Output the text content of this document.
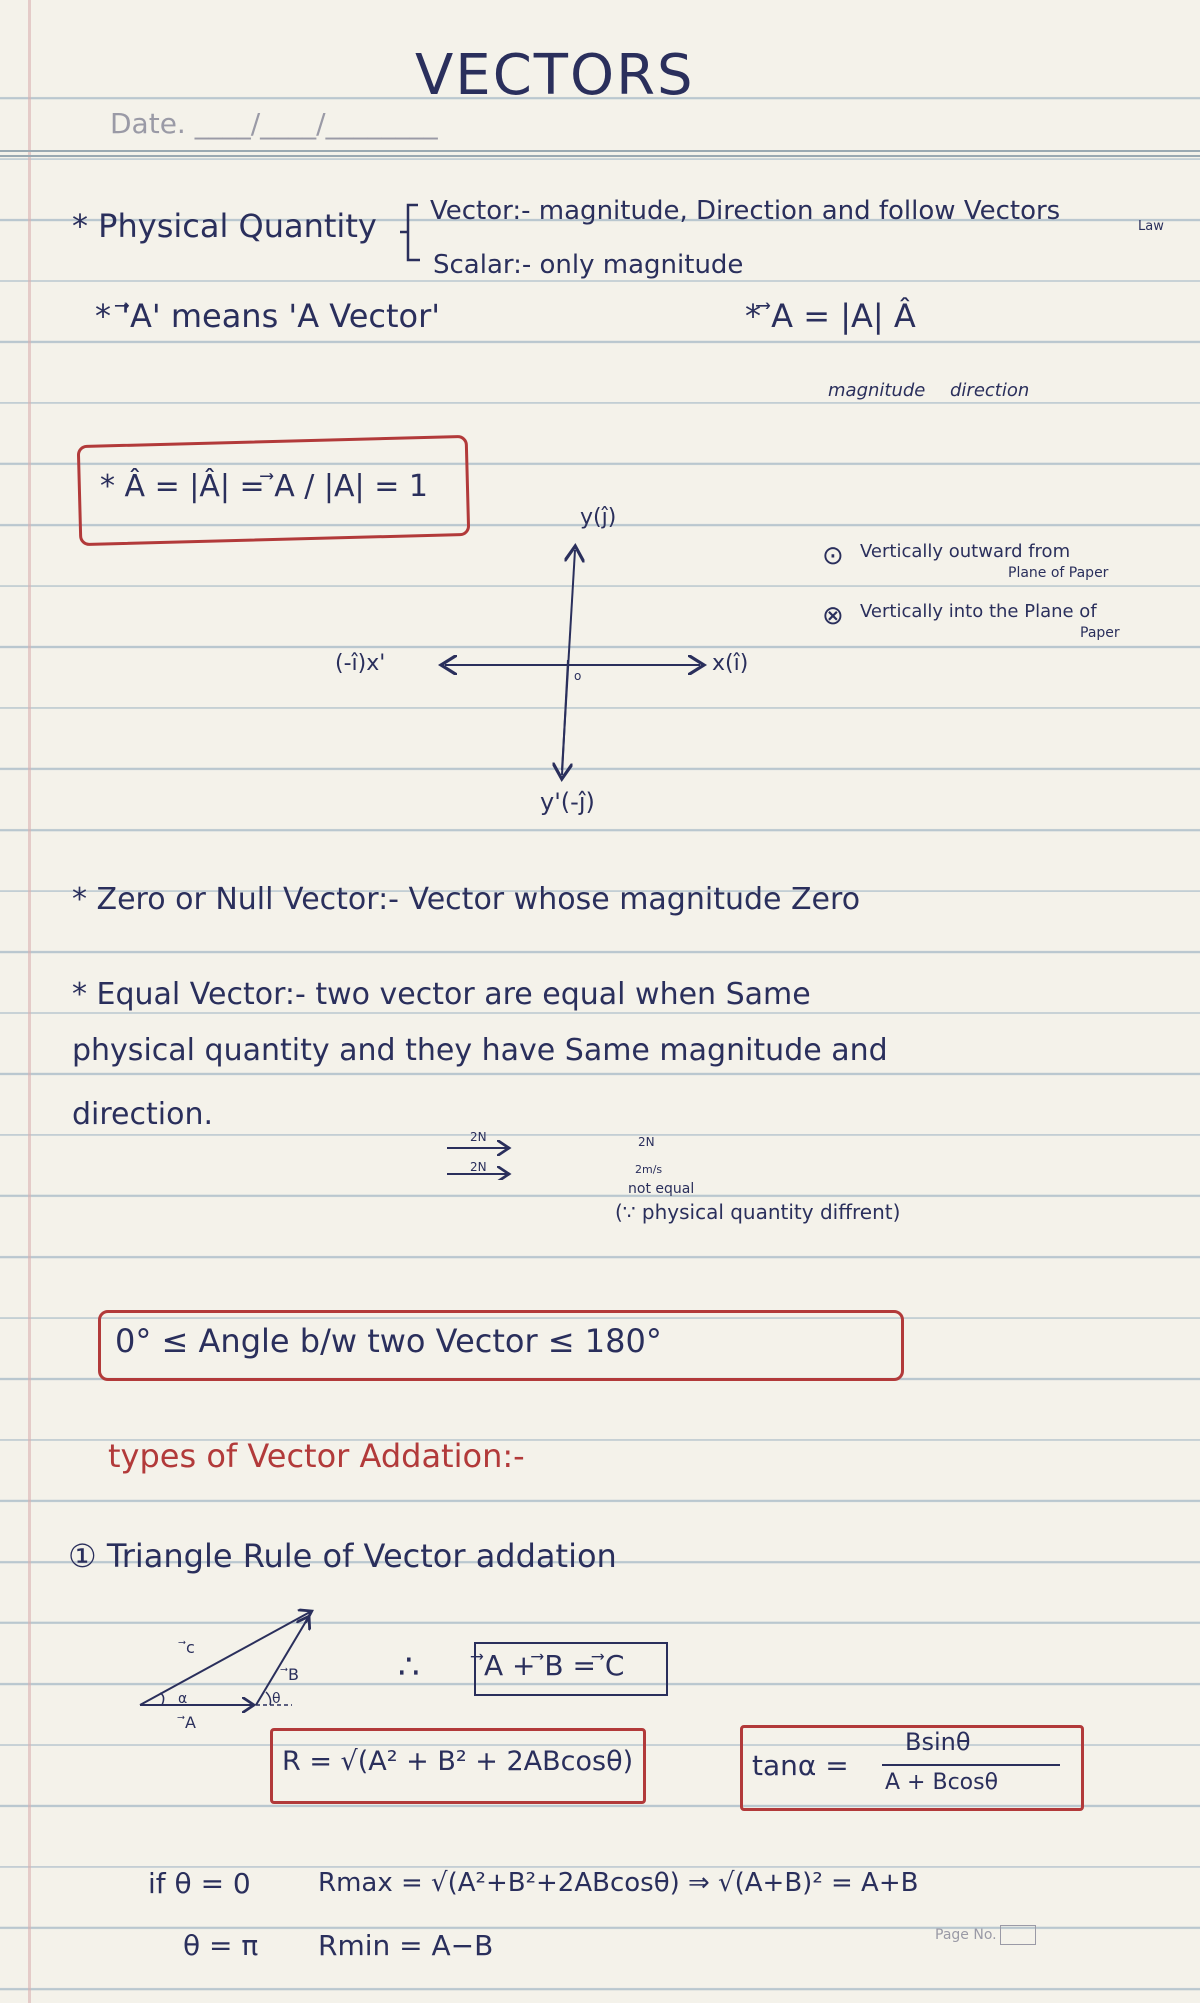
VECTORS
Date. ____/____/________
* Physical Quantity Vector:- magnitude, Direction and follow Vectors
Law
Scalar:- only magnitude
* '⃗A' means 'A Vector'	* ⃗A = |A| Â
magnitude direction
* Â = |Â| = ⃗A / |A| = 1
y(ĵ)
y'(-ĵ)
x(î)
(-î)x'	o
⊙ Vertically outward from
Plane of Paper
⊗ Vertically into the Plane of
Paper
* Zero or Null Vector:- Vector whose magnitude Zero
* Equal Vector:- two vector are equal when Same
physical quantity and they have Same magnitude and
direction.
2N
2N
2N
2m/s
not equal
(∵ physical quantity diffrent)
0° ≤ Angle b/w two Vector ≤ 180°
types of Vector Addation:-
① Triangle Rule of Vector addation
⃗c
⃗A
⃗B
α	θ
∴ ⃗A + ⃗B = ⃗C
R = √(A² + B² + 2ABcosθ)	tanα =
Bsinθ
A + Bcosθ
if θ = 0	Rmax = √(A²+B²+2ABcosθ) ⇒ √(A+B)² = A+B
θ = π Rmin = A−B	Page No.
